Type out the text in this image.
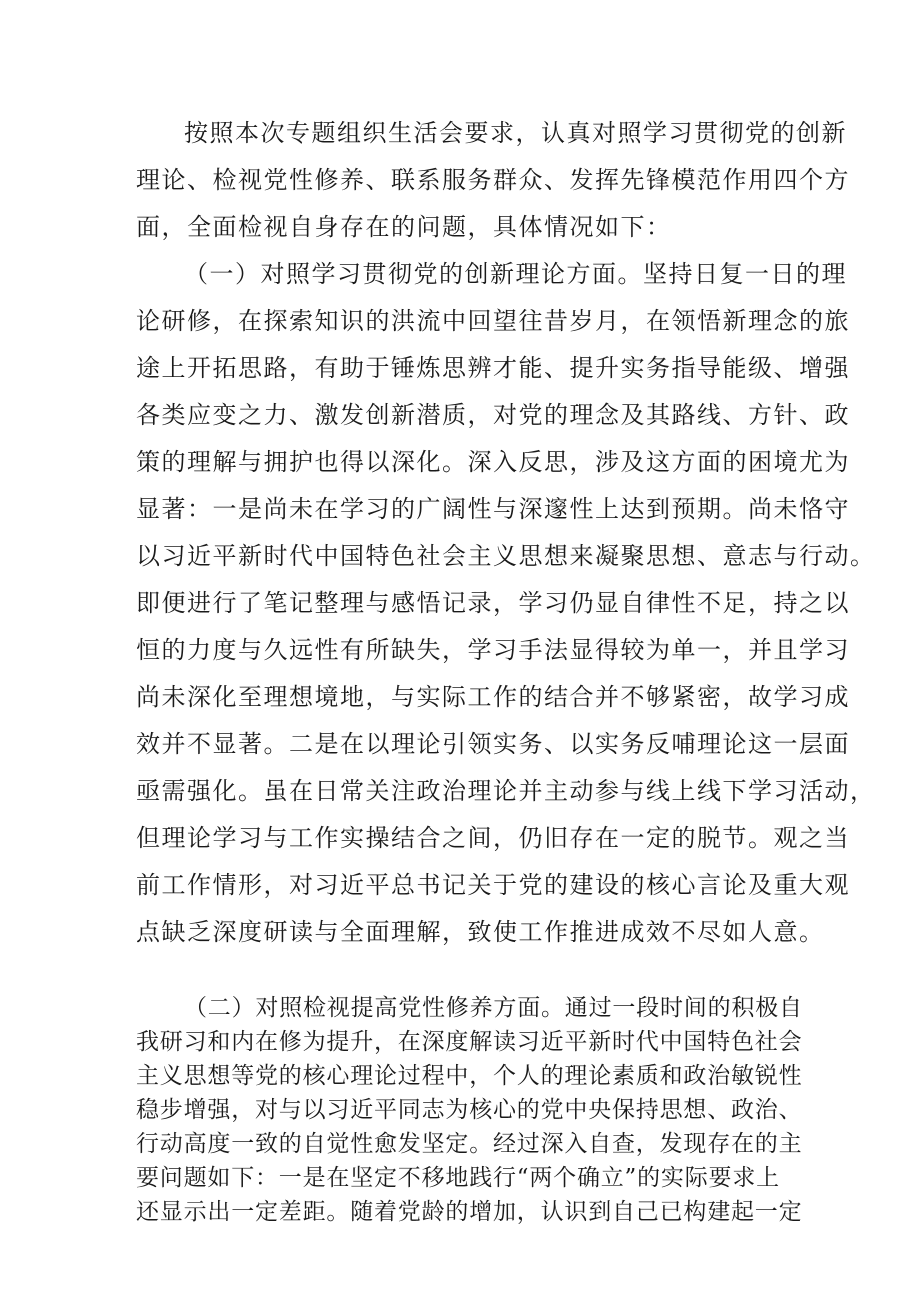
按照本次专题组织生活会要求，认真对照学习贯彻党的创新
理论、检视党性修养、联系服务群众、发挥先锋模范作用四个方
面，全面检视自身存在的问题，具体情况如下：
（一）对照学习贯彻党的创新理论方面。坚持日复一日的理
论研修，在探索知识的洪流中回望往昔岁月，在领悟新理念的旅
途上开拓思路，有助于锤炼思辨才能、提升实务指导能级、增强
各类应变之力、激发创新潜质，对党的理念及其路线、方针、政
策的理解与拥护也得以深化。深入反思，涉及这方面的困境尤为
显著：一是尚未在学习的广阔性与深邃性上达到预期。尚未恪守
以习近平新时代中国特色社会主义思想来凝聚思想、意志与行动。
即便进行了笔记整理与感悟记录，学习仍显自律性不足，持之以
恒的力度与久远性有所缺失，学习手法显得较为单一，并且学习
尚未深化至理想境地，与实际工作的结合并不够紧密，故学习成
效并不显著。二是在以理论引领实务、以实务反哺理论这一层面
亟需强化。虽在日常关注政治理论并主动参与线上线下学习活动，
但理论学习与工作实操结合之间，仍旧存在一定的脱节。观之当
前工作情形，对习近平总书记关于党的建设的核心言论及重大观
点缺乏深度研读与全面理解，致使工作推进成效不尽如人意。
（二）对照检视提高党性修养方面。通过一段时间的积极自
我研习和内在修为提升，在深度解读习近平新时代中国特色社会
主义思想等党的核心理论过程中，个人的理论素质和政治敏锐性
稳步增强，对与以习近平同志为核心的党中央保持思想、政治、
行动高度一致的自觉性愈发坚定。经过深入自查，发现存在的主
要问题如下：一是在坚定不移地践行“两个确立”的实际要求上
还显示出一定差距。随着党龄的增加，认识到自己已构建起一定
